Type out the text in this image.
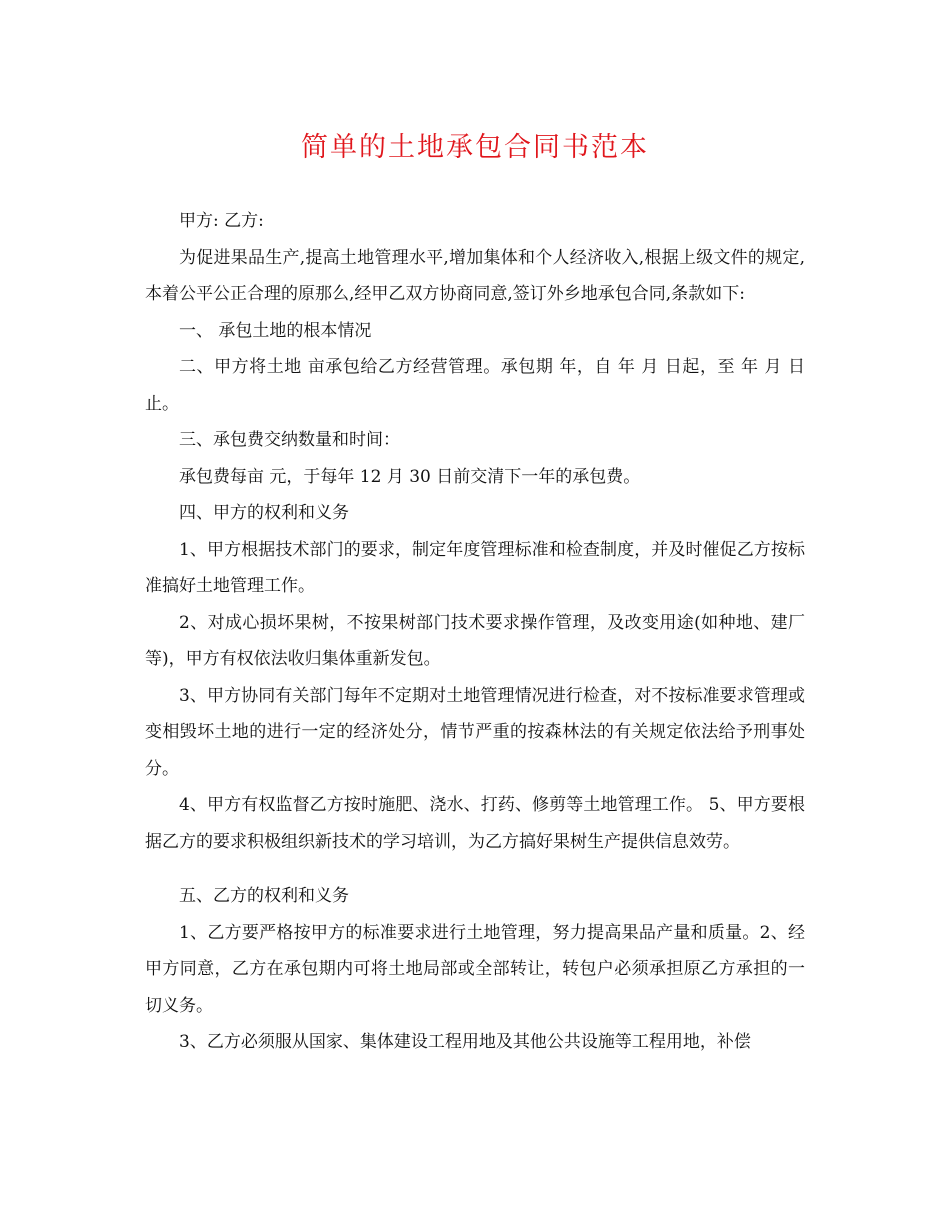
简单的土地承包合同书范本

甲方: 乙方:

为促进果品生产,提高土地管理水平,增加集体和个人经济收入,根据上级文件的规定,本着公平公正合理的原那么,经甲乙双方协商同意,签订外乡地承包合同,条款如下:

一、 承包土地的根本情况

二、甲方将土地 亩承包给乙方经营管理。承包期 年，自 年 月 日起，至 年 月 日止。

三、承包费交纳数量和时间：

承包费每亩 元，于每年 12 月 30 日前交清下一年的承包费。

四、甲方的权利和义务

1、甲方根据技术部门的要求，制定年度管理标准和检查制度，并及时催促乙方按标准搞好土地管理工作。

2、对成心损坏果树，不按果树部门技术要求操作管理，及改变用途(如种地、建厂等)，甲方有权依法收归集体重新发包。

3、甲方协同有关部门每年不定期对土地管理情况进行检查，对不按标准要求管理或变相毁坏土地的进行一定的经济处分，情节严重的按森林法的有关规定依法给予刑事处分。

4、甲方有权监督乙方按时施肥、浇水、打药、修剪等土地管理工作。 5、甲方要根据乙方的要求积极组织新技术的学习培训，为乙方搞好果树生产提供信息效劳。

五、乙方的权利和义务

1、乙方要严格按甲方的标准要求进行土地管理，努力提高果品产量和质量。2、经甲方同意，乙方在承包期内可将土地局部或全部转让，转包户必须承担原乙方承担的一切义务。

3、乙方必须服从国家、集体建设工程用地及其他公共设施等工程用地，补偿
